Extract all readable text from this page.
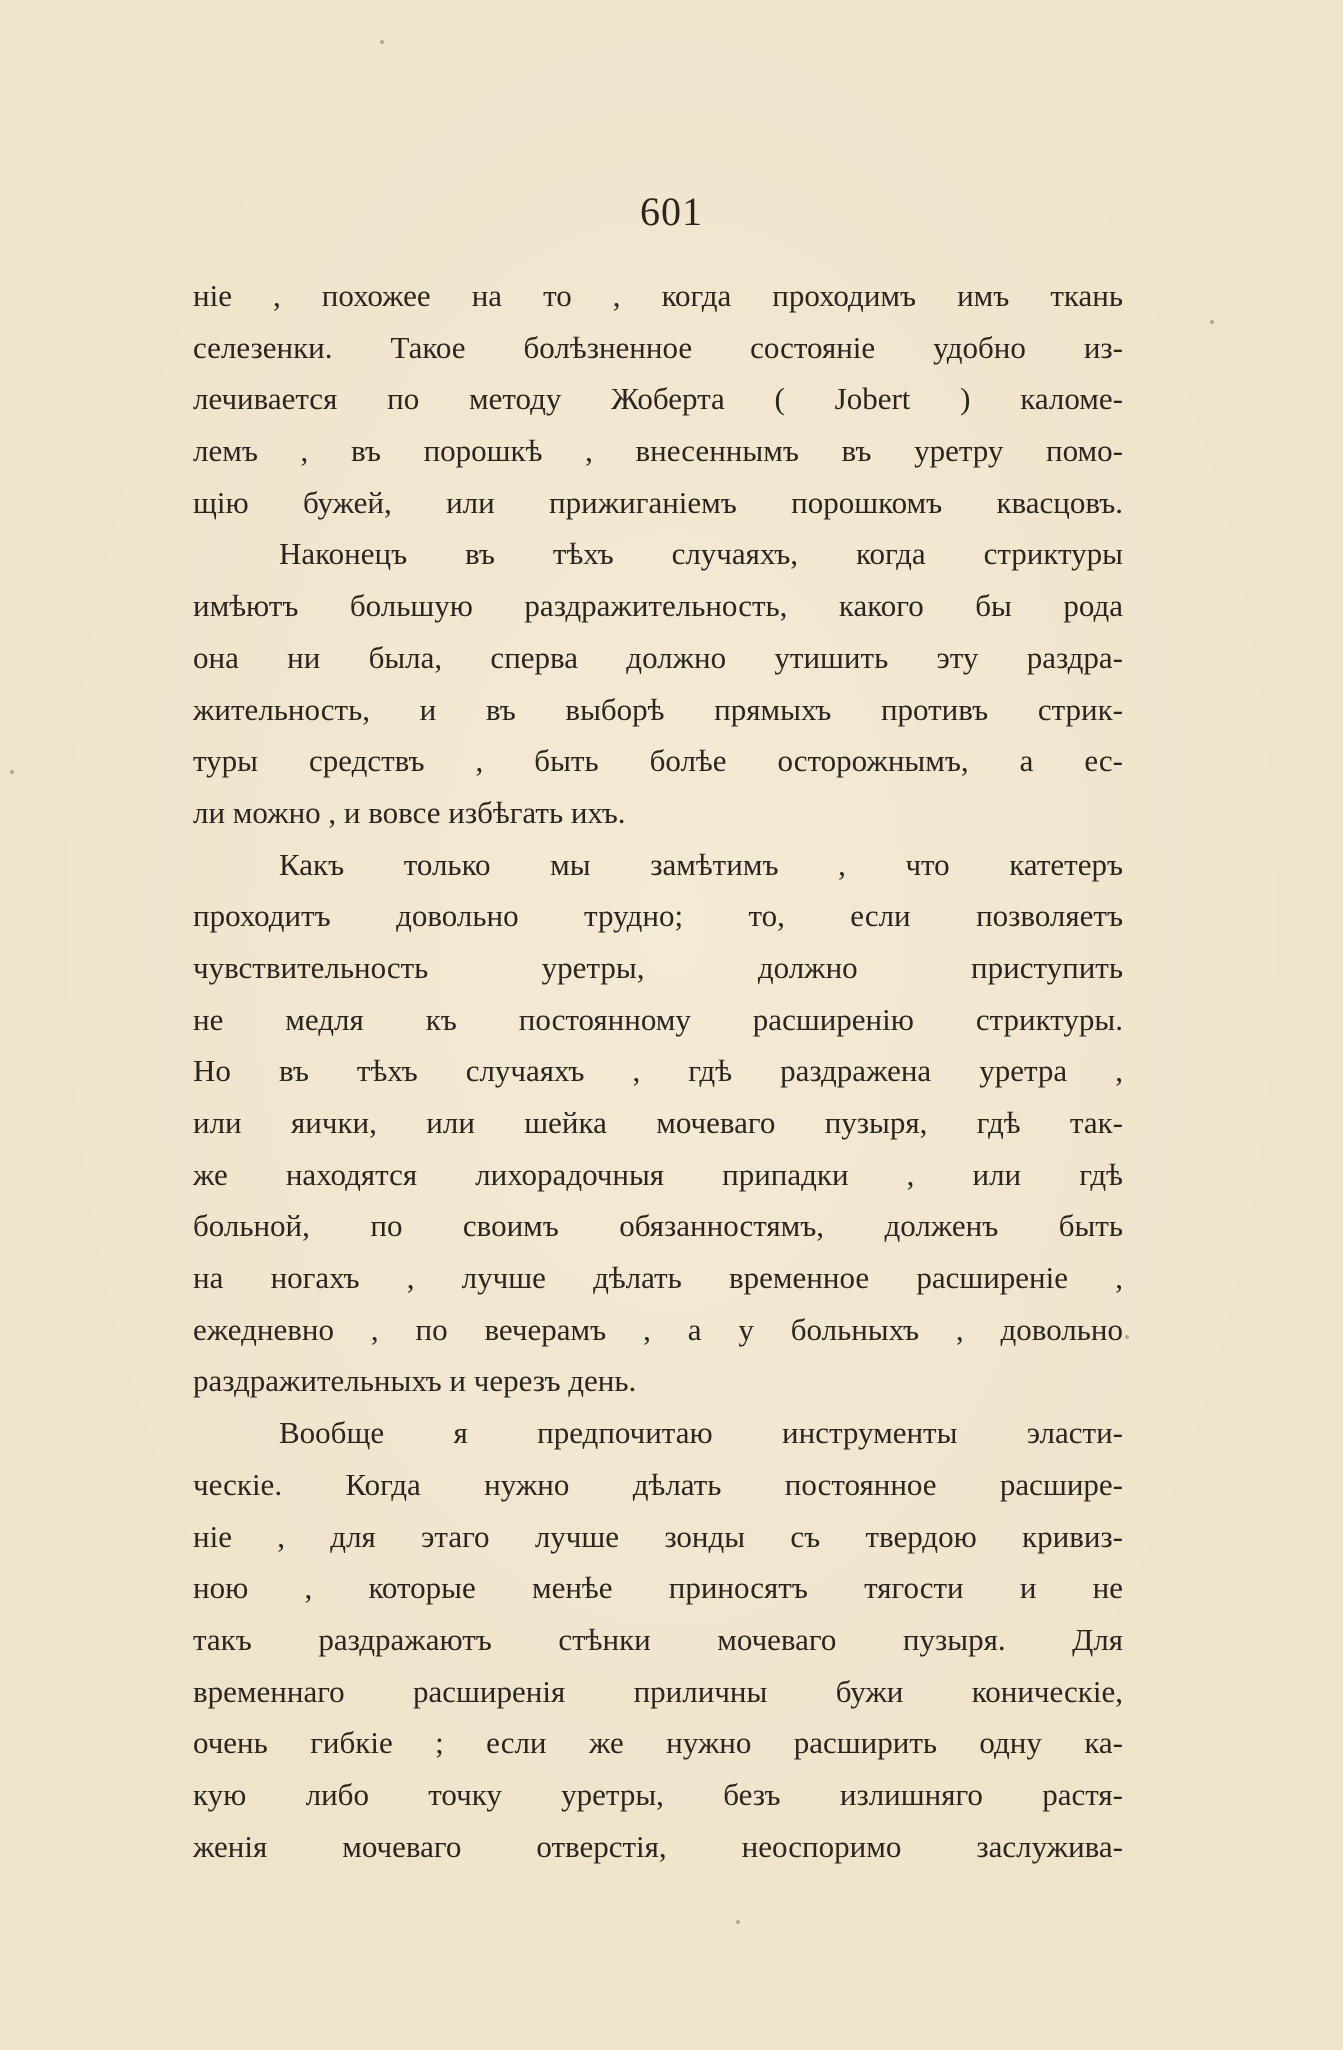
601
ніе , похожее на то , когда проходимъ имъ ткань
селезенки. Такое болѣзненное состояніе удобно из-
лечивается по методу Жоберта ( Jobert ) каломе-
лемъ , въ порошкѣ , внесеннымъ въ уретру помо-
щію бужей, или прижиганіемъ порошкомъ квасцовъ.
Наконецъ въ тѣхъ случаяхъ, когда стриктуры
имѣютъ большую раздражительность, какого бы рода
она ни была, сперва должно утишить эту раздра-
жительность, и въ выборѣ прямыхъ противъ стрик-
туры средствъ , быть болѣе осторожнымъ, а ес-
ли можно , и вовсе избѣгать ихъ.
Какъ только мы замѣтимъ , что катетеръ
проходитъ довольно трудно; то, если позволяетъ
чувствительность уретры, должно приступить
не медля къ постоянному расширенію стриктуры.
Но въ тѣхъ случаяхъ , гдѣ раздражена уретра ,
или яички, или шейка мочеваго пузыря, гдѣ так-
же находятся лихорадочныя припадки , или гдѣ
больной, по своимъ обязанностямъ, долженъ быть
на ногахъ , лучше дѣлать временное расширеніе ,
ежедневно , по вечерамъ , а у больныхъ , довольно
раздражительныхъ и черезъ день.
Вообще я предпочитаю инструменты эласти-
ческіе. Когда нужно дѣлать постоянное расшире-
ніе , для этаго лучше зонды съ твердою кривиз-
ною , которые менѣе приносятъ тягости и не
такъ раздражаютъ стѣнки мочеваго пузыря. Для
временнаго расширенія приличны бужи коническіе,
очень гибкіе ; если же нужно расширить одну ка-
кую либо точку уретры, безъ излишняго растя-
женія мочеваго отверстія, неоспоримо заслужива-
